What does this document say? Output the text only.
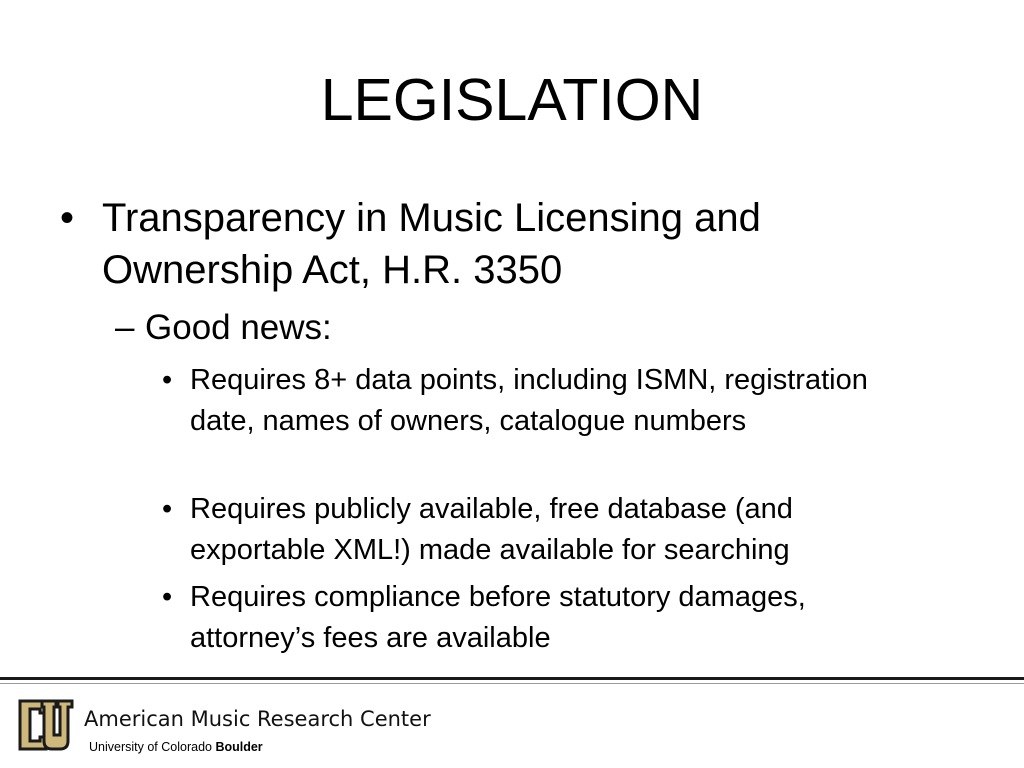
LEGISLATION
• Transparency in Music Licensing and Ownership Act, H.R. 3350
– Good news:
• Requires 8+ data points, including ISMN, registration date, names of owners, catalogue numbers
• Requires publicly available, free database (and exportable XML!) made available for searching
• Requires compliance before statutory damages, attorney’s fees are available
American Music Research Center
University of Colorado Boulder
